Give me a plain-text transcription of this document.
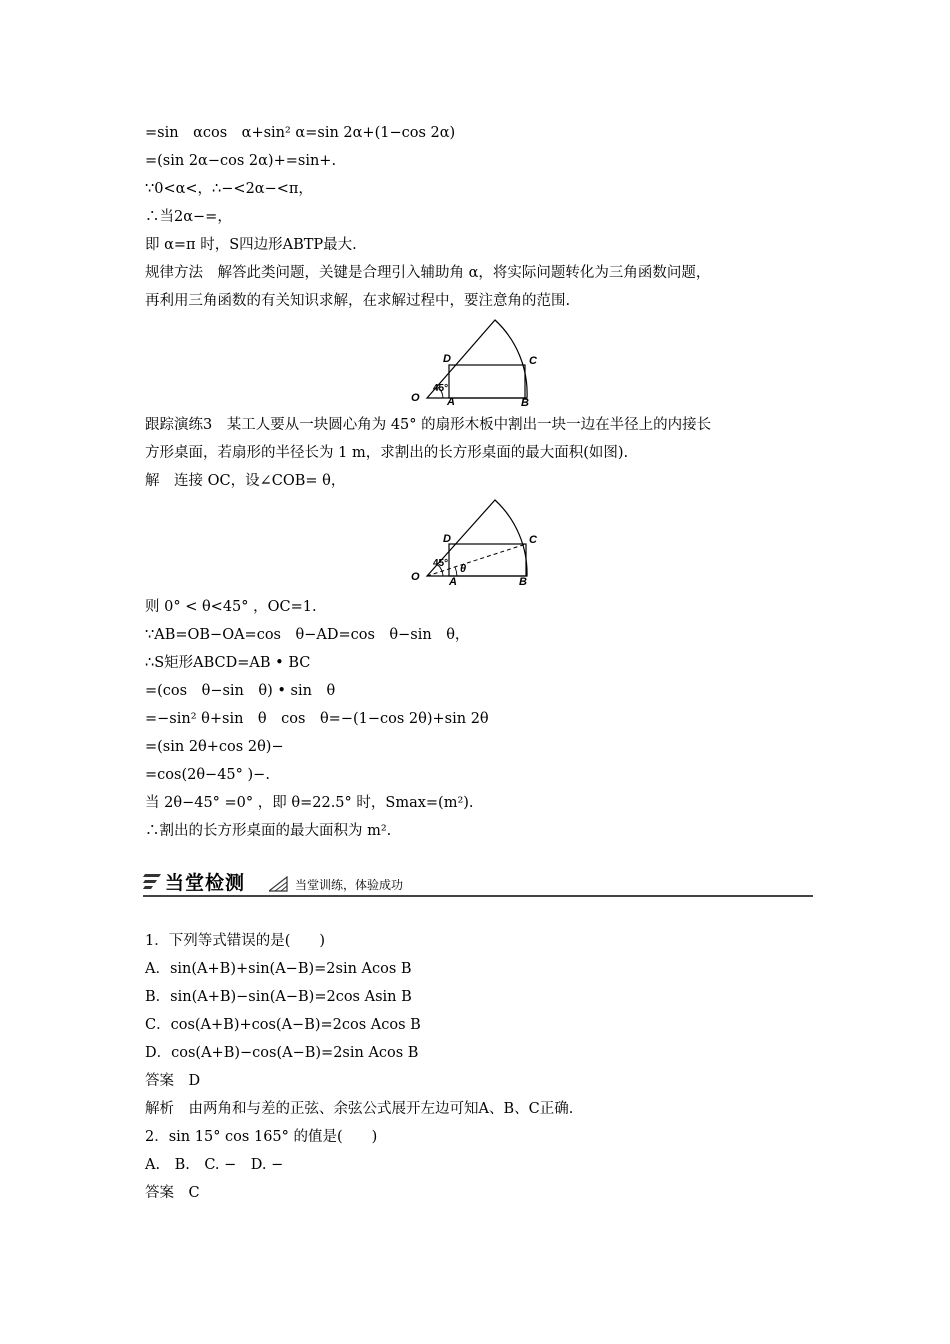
=sin　αcos　α+sin² α=sin 2α+(1−cos 2α)
=(sin 2α−cos 2α)+=sin+.
∵0<α<，∴−<2α−<π，
∴当2α−=，
即 α=π 时，S四边形ABTP最大.
规律方法　解答此类问题，关键是合理引入辅助角 α，将实际问题转化为三角函数问题，
再利用三角函数的有关知识求解，在求解过程中，要注意角的范围.
O
D	C
A	B
45°
跟踪演练3　某工人要从一块圆心角为 45° 的扇形木板中割出一块一边在半径上的内接长
方形桌面，若扇形的半径长为 1 m，求割出的长方形桌面的最大面积(如图).
解　连接 OC，设∠COB= θ，
O
D	C
A	B
45° θ
则 0° < θ<45° ，OC=1.
∵AB=OB−OA=cos　θ−AD=cos　θ−sin　θ，
∴S矩形ABCD=AB • BC
=(cos　θ−sin　θ) • sin　θ
=−sin² θ+sin　θ　cos　θ=−(1−cos 2θ)+sin 2θ
=(sin 2θ+cos 2θ)−
=cos(2θ−45° )−.
当 2θ−45° =0° ，即 θ=22.5° 时，Smax=(m²).
∴割出的长方形桌面的最大面积为 m².
当堂检测	当堂训练，体验成功
1．下列等式错误的是(　　)
A．sin(A+B)+sin(A−B)=2sin Acos B
B．sin(A+B)−sin(A−B)=2cos Asin B
C．cos(A+B)+cos(A−B)=2cos Acos B
D．cos(A+B)−cos(A−B)=2sin Acos B
答案　D
解析　由两角和与差的正弦、余弦公式展开左边可知A、B、C正确.
2．sin 15° cos 165° 的值是(　　)
A.　B.　C. −　D. −
答案　C
